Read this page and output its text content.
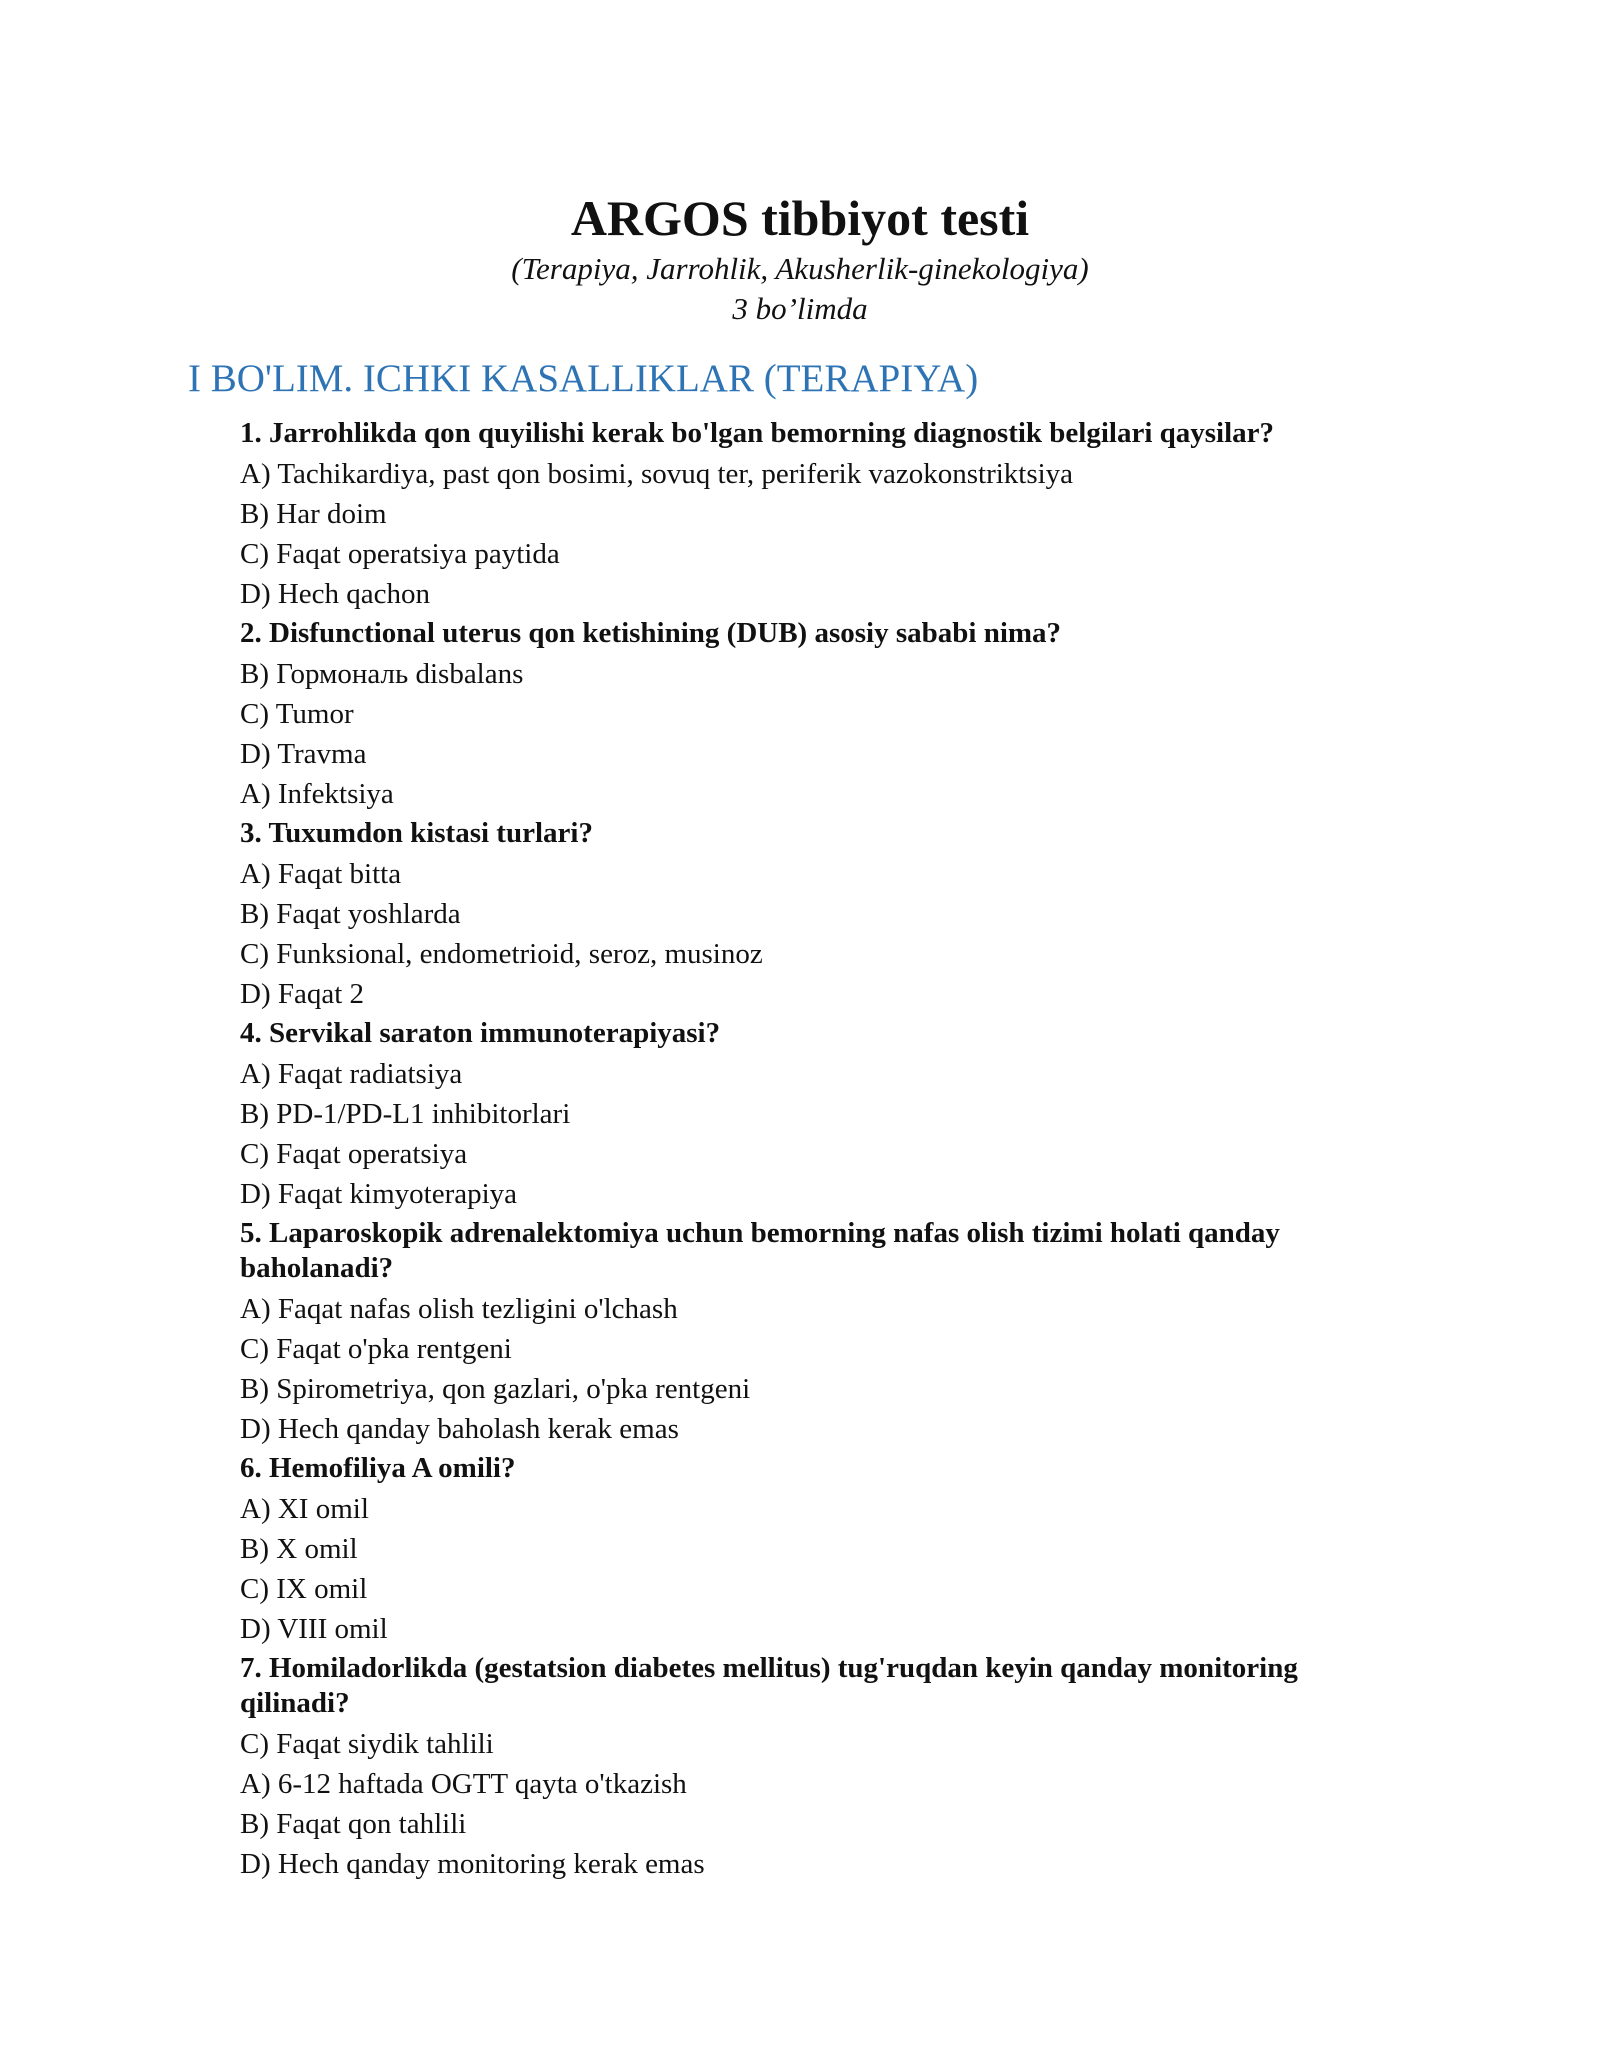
ARGOS tibbiyot testi
(Terapiya, Jarrohlik, Akusherlik-ginekologiya)
3 bo’limda
I BO'LIM. ICHKI KASALLIKLAR (TERAPIYA)
1. Jarrohlikda qon quyilishi kerak bo'lgan bemorning diagnostik belgilari qaysilar?
A) Tachikardiya, past qon bosimi, sovuq ter, periferik vazokonstriktsiya
B) Har doim
C) Faqat operatsiya paytida
D) Hech qachon
2. Disfunctional uterus qon ketishining (DUB) asosiy sababi nima?
B) Гормональ disbalans
C) Tumor
D) Travma
A) Infektsiya
3. Tuxumdon kistasi turlari?
A) Faqat bitta
B) Faqat yoshlarda
C) Funksional, endometrioid, seroz, musinoz
D) Faqat 2
4. Servikal saraton immunoterapiyasi?
A) Faqat radiatsiya
B) PD-1/PD-L1 inhibitorlari
C) Faqat operatsiya
D) Faqat kimyoterapiya
5. Laparoskopik adrenalektomiya uchun bemorning nafas olish tizimi holati qanday baholanadi?
A) Faqat nafas olish tezligini o'lchash
C) Faqat o'pka rentgeni
B) Spirometriya, qon gazlari, o'pka rentgeni
D) Hech qanday baholash kerak emas
6. Hemofiliya A omili?
A) XI omil
B) X omil
C) IX omil
D) VIII omil
7. Homiladorlikda (gestatsion diabetes mellitus) tug'ruqdan keyin qanday monitoring qilinadi?
C) Faqat siydik tahlili
A) 6-12 haftada OGTT qayta o'tkazish
B) Faqat qon tahlili
D) Hech qanday monitoring kerak emas
